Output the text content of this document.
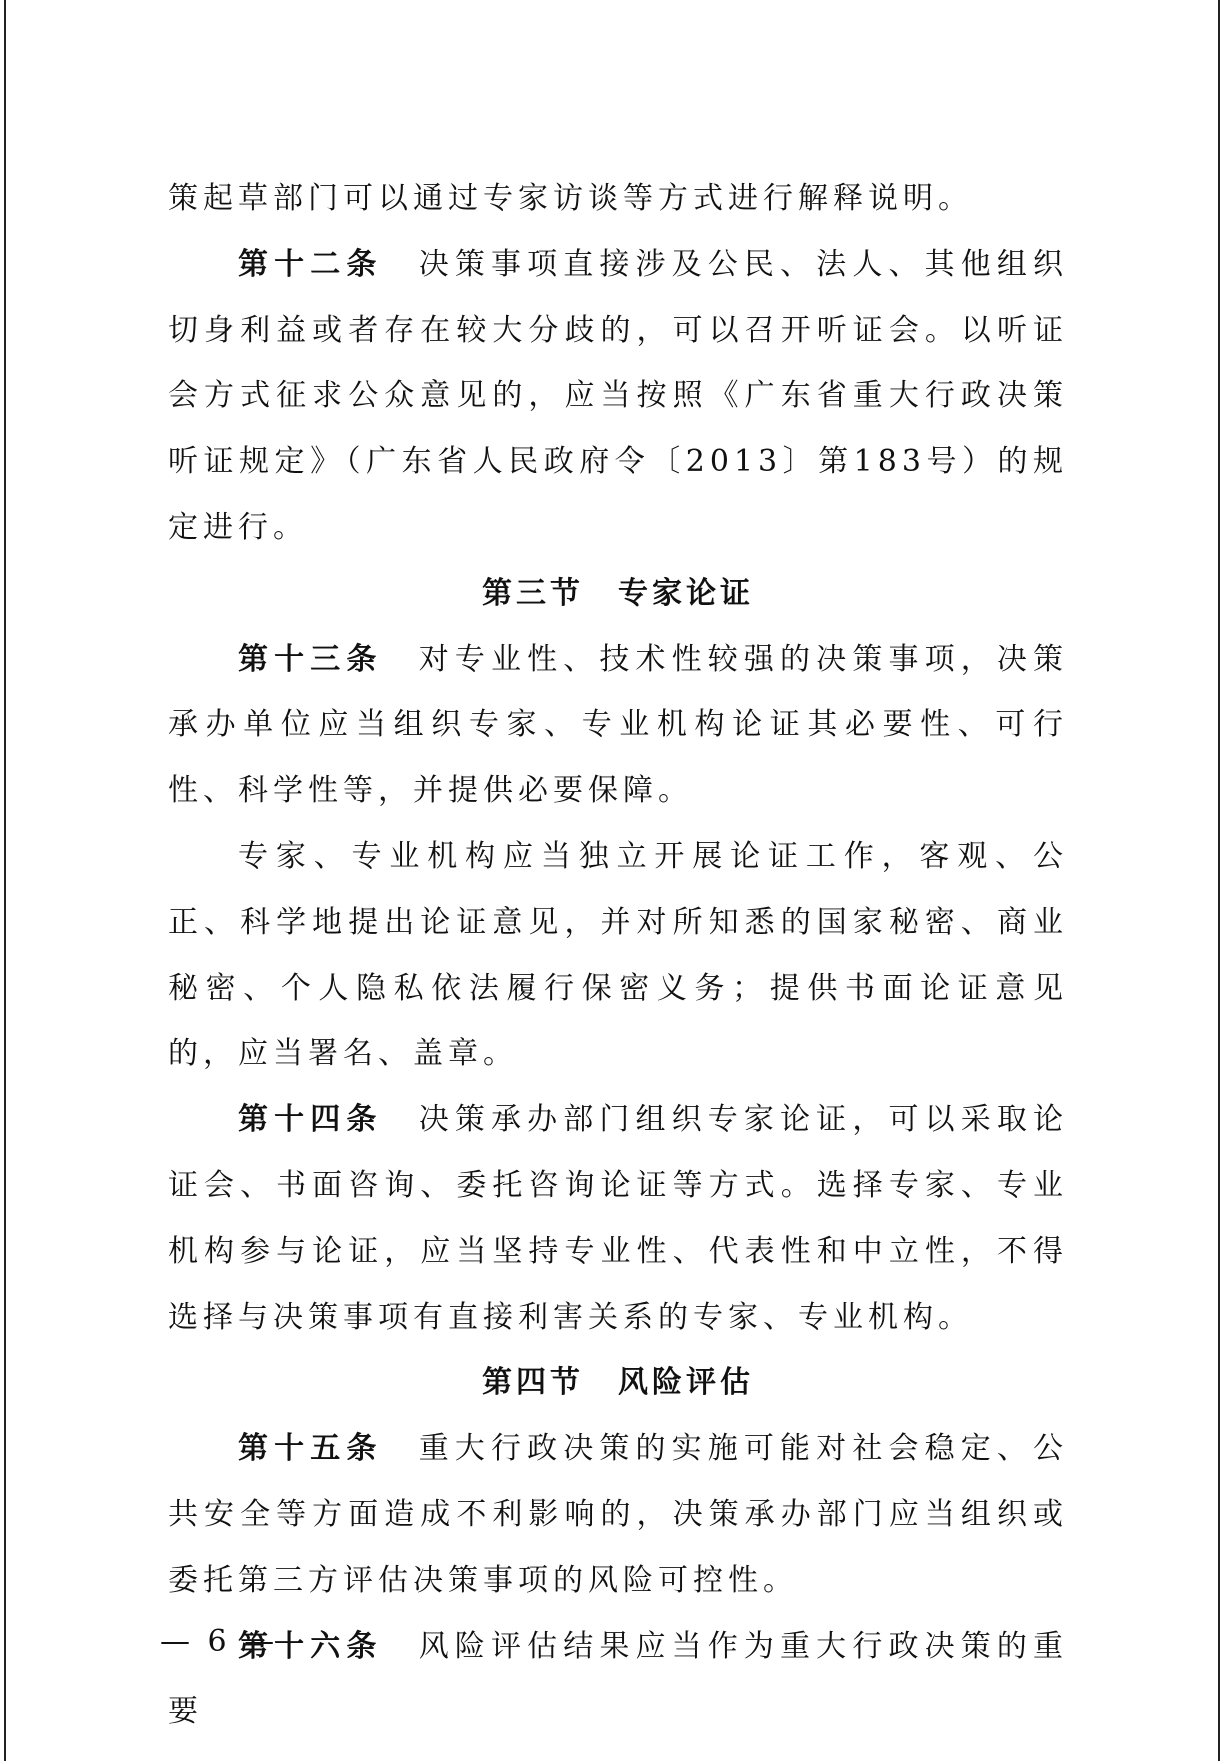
策起草部门可以通过专家访谈等方式进行解释说明。

第十二条　 决策事项直接涉及公民、法人、其他组织切身利益或者存在较大分歧的，可以召开听证会。以听证会方式征求公众意见的，应当按照《广东省重大行政决策听证规定》（广东省人民政府令〔2013〕第183号）的规定进行。

第三节　专家论证

第十三条　 对专业性、技术性较强的决策事项，决策承办单位应当组织专家、专业机构论证其必要性、可行性、科学性等，并提供必要保障。

专家、专业机构应当独立开展论证工作，客观、公正、科学地提出论证意见，并对所知悉的国家秘密、商业秘密、个人隐私依法履行保密义务；提供书面论证意见的，应当署名、盖章。

第十四条　 决策承办部门组织专家论证，可以采取论证会、书面咨询、委托咨询论证等方式。选择专家、专业机构参与论证，应当坚持专业性、代表性和中立性，不得选择与决策事项有直接利害关系的专家、专业机构。

第四节　风险评估

第十五条　 重大行政决策的实施可能对社会稳定、公共安全等方面造成不利影响的，决策承办部门应当组织或委托第三方评估决策事项的风险可控性。

第十六条　 风险评估结果应当作为重大行政决策的重要

— 6 —
